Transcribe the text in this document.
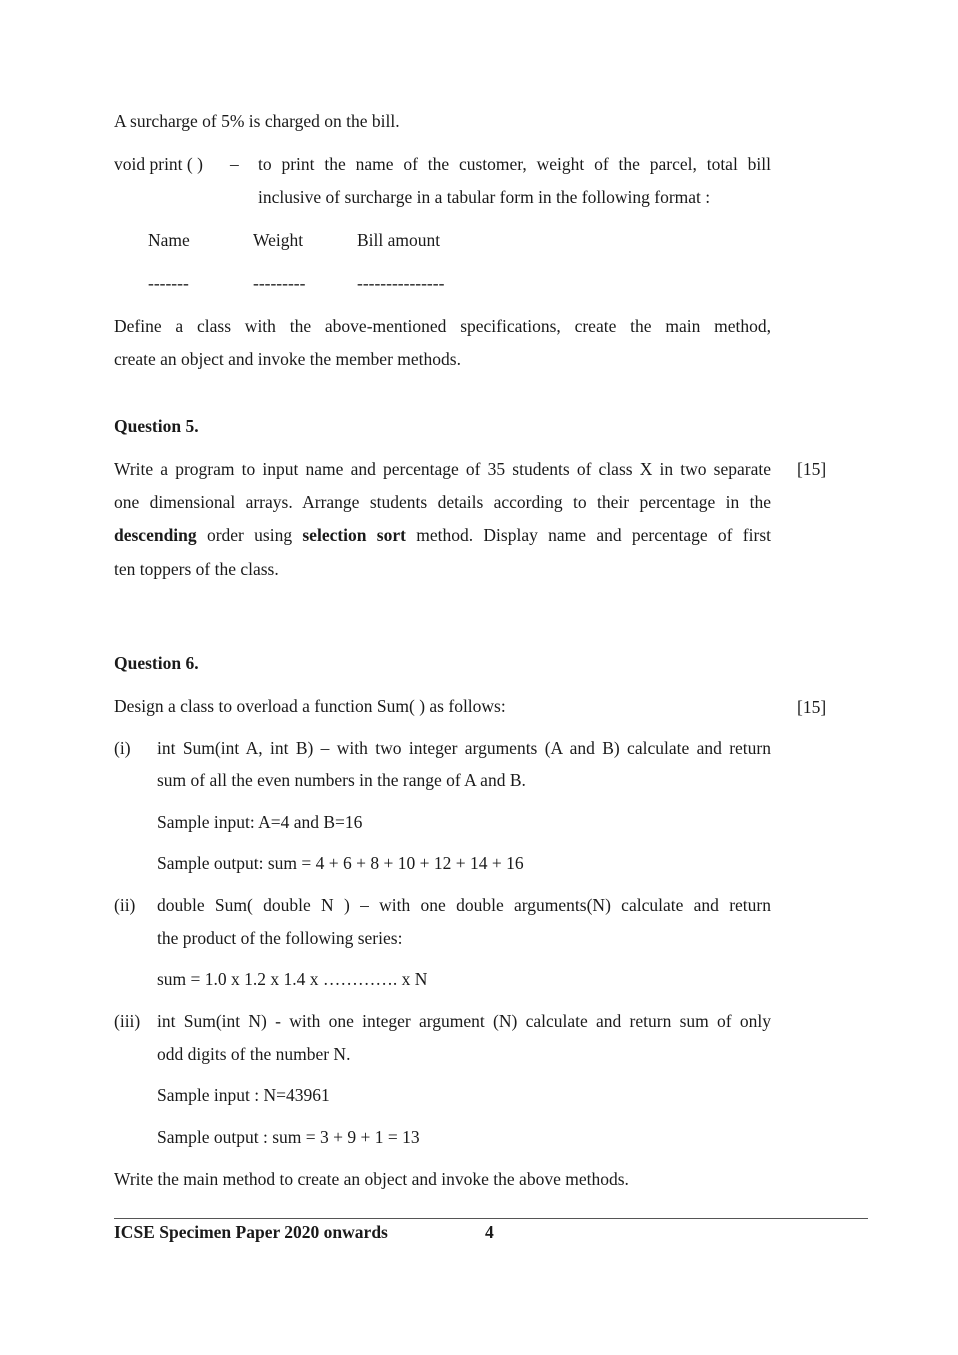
A surcharge of 5% is charged on the bill.
void print ( ) – to print the name of the customer, weight of the parcel, total bill
inclusive of surcharge in a tabular form in the following format :
Name	Weight	Bill amount
-------	---------	---------------
Define a class with the above-mentioned specifications, create the main method,
create an object and invoke the member methods.
Question 5.
Write a program to input name and percentage of 35 students of class X in two separate [15]
one dimensional arrays. Arrange students details according to their percentage in the
descending order using selection sort method. Display name and percentage of first
ten toppers of the class.
Question 6.
Design a class to overload a function Sum( ) as follows:	[15]
(i) int Sum(int A, int B) – with two integer arguments (A and B) calculate and return
sum of all the even numbers in the range of A and B.
Sample input: A=4 and B=16
Sample output: sum = 4 + 6 + 8 + 10 + 12 + 14 + 16
(ii) double Sum( double N ) – with one double arguments(N) calculate and return
the product of the following series:
sum = 1.0 x 1.2 x 1.4 x …………. x N
(iii) int Sum(int N) - with one integer argument (N) calculate and return sum of only
odd digits of the number N.
Sample input : N=43961
Sample output : sum = 3 + 9 + 1 = 13
Write the main method to create an object and invoke the above methods.
ICSE Specimen Paper 2020 onwards	4
